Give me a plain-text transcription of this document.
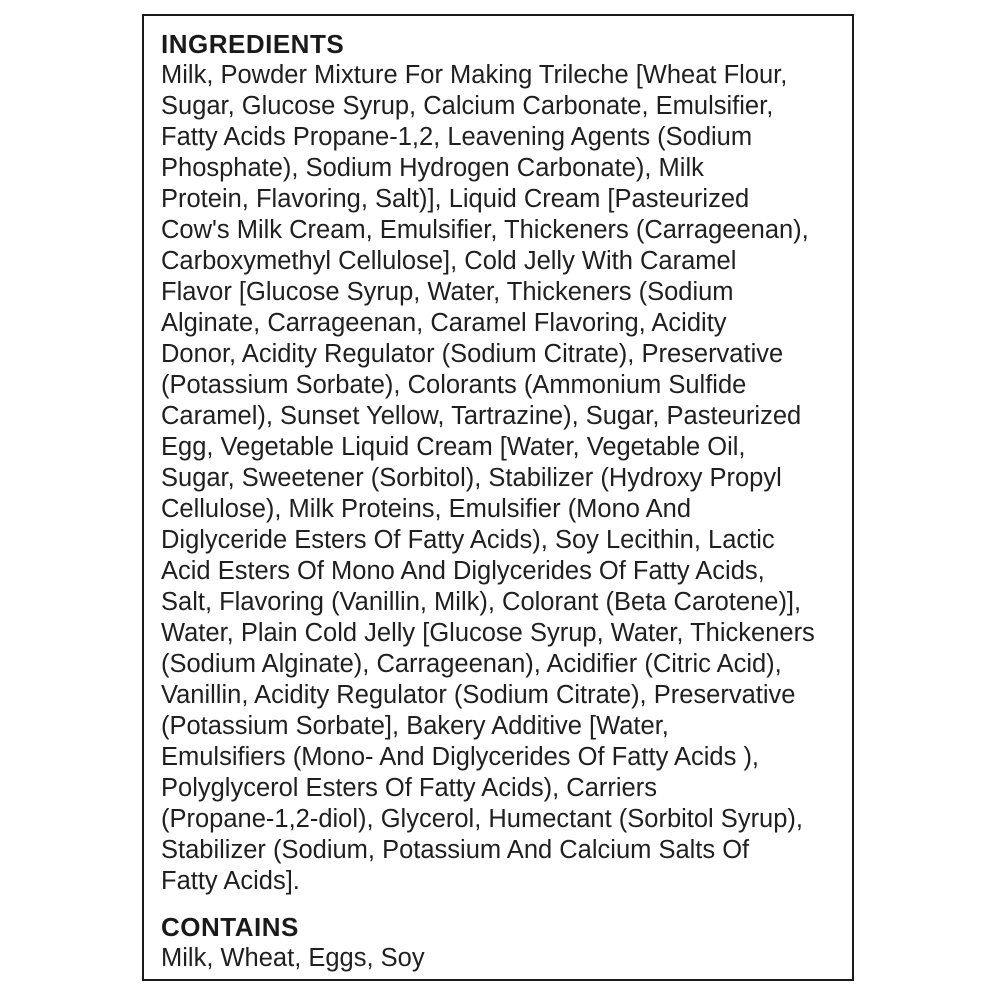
INGREDIENTS
Milk, Powder Mixture For Making Trileche [Wheat Flour,
Sugar, Glucose Syrup, Calcium Carbonate, Emulsifier,
Fatty Acids Propane-1,2, Leavening Agents (Sodium
Phosphate), Sodium Hydrogen Carbonate), Milk
Protein, Flavoring, Salt)], Liquid Cream [Pasteurized
Cow's Milk Cream, Emulsifier, Thickeners (Carrageenan),
Carboxymethyl Cellulose], Cold Jelly With Caramel
Flavor [Glucose Syrup, Water, Thickeners (Sodium
Alginate, Carrageenan, Caramel Flavoring, Acidity
Donor, Acidity Regulator (Sodium Citrate), Preservative
(Potassium Sorbate), Colorants (Ammonium Sulfide
Caramel), Sunset Yellow, Tartrazine), Sugar, Pasteurized
Egg, Vegetable Liquid Cream [Water, Vegetable Oil,
Sugar, Sweetener (Sorbitol), Stabilizer (Hydroxy Propyl
Cellulose), Milk Proteins, Emulsifier (Mono And
Diglyceride Esters Of Fatty Acids), Soy Lecithin, Lactic
Acid Esters Of Mono And Diglycerides Of Fatty Acids,
Salt, Flavoring (Vanillin, Milk), Colorant (Beta Carotene)],
Water, Plain Cold Jelly [Glucose Syrup, Water, Thickeners
(Sodium Alginate), Carrageenan), Acidifier (Citric Acid),
Vanillin, Acidity Regulator (Sodium Citrate), Preservative
(Potassium Sorbate], Bakery Additive [Water,
Emulsifiers (Mono- And Diglycerides Of Fatty Acids ),
Polyglycerol Esters Of Fatty Acids), Carriers
(Propane-1,2-diol), Glycerol, Humectant (Sorbitol Syrup),
Stabilizer (Sodium, Potassium And Calcium Salts Of
Fatty Acids].
CONTAINS
Milk, Wheat, Eggs, Soy
